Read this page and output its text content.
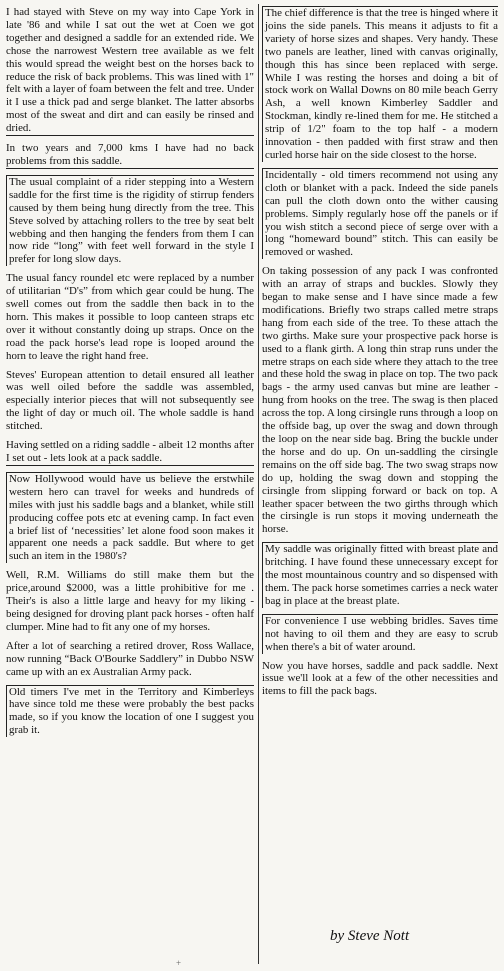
I had stayed with Steve on my way into Cape York in late '86 and while I sat out the wet at Coen we got together and designed a saddle for an extended ride. We chose the narrowest Western tree available as we felt this would spread the weight best on the horses back to reduce the risk of back problems. This was lined with 1" felt with a layer of foam between the felt and tree. Under it I use a thick pad and serge blanket. The latter absorbs most of the sweat and dirt and can easily be rinsed and dried.

In two years and 7,000 kms I have had no back problems from this saddle.

The usual complaint of a rider stepping into a Western saddle for the first time is the rigidity of stirrup fenders caused by them being hung directly from the tree. This Steve solved by attaching rollers to the tree by seat belt webbing and then hanging the fenders from them I can now ride “long” with feet well forward in the style I prefer for long slow days.

The usual fancy roundel etc were replaced by a number of utilitarian “D's” from which gear could be hung. The swell comes out from the saddle then back in to the horn. This makes it possible to loop canteen straps etc over it without constantly doing up straps. Once on the road the pack horse's lead rope is looped around the horn to leave the right hand free.

Steves' European attention to detail ensured all leather was well oiled before the saddle was assembled, especially interior pieces that will not subsequently see the light of day or much oil. The whole saddle is hand stitched.

Having settled on a riding saddle - albeit 12 months after I set out - lets look at a pack saddle.

Now Hollywood would have us believe the erstwhile western hero can travel for weeks and hundreds of miles with just his saddle bags and a blanket, while still producing coffee pots etc at evening camp. In fact even a brief list of ‘necessities’ let alone food soon makes it apparent one needs a pack saddle. But where to get such an item in the 1980's?

Well, R.M. Williams do still make them but the price,around $2000, was a little prohibitive for me . Their's is also a little large and heavy for my liking - being designed for droving plant pack horses - often half clumper. Mine had to fit any one of my horses.

After a lot of searching a retired drover, Ross Wallace, now running “Back O'Bourke Saddlery” in Dubbo NSW came up with an ex Australian Army pack.

Old timers I've met in the Territory and Kimberleys have since told me these were probably the best packs made, so if you know the location of one I suggest you grab it.

The chief difference is that the tree is hinged where it joins the side panels. This means it adjusts to fit a variety of horse sizes and shapes. Very handy. These two panels are leather, lined with canvas originally, though this has since been replaced with serge. While I was resting the horses and doing a bit of stock work on Wallal Downs on 80 mile beach Gerry Ash, a well known Kimberley Saddler and Stockman, kindly re-lined them for me. He stitched a strip of 1/2" foam to the top half - a modern innovation - then padded with first straw and then curled horse hair on the side closest to the horse.

Incidentally - old timers recommend not using any cloth or blanket with a pack. Indeed the side panels can pull the cloth down onto the wither causing problems. Simply regularly hose off the panels or if you wish stitch a second piece of serge over with a long “homeward bound” stitch. This can easily be removed or washed.

On taking possession of any pack I was confronted with an array of straps and buckles. Slowly they began to make sense and I have since made a few modifications. Briefly two straps called metre straps hang from each side of the tree. To these attach the two girths. Make sure your prospective pack horse is used to a flank girth. A long thin strap runs under the metre straps on each side where they attach to the tree and these hold the swag in place on top. The two pack bags - the army used canvas but mine are leather - hung from hooks on the tree. The swag is then placed across the top. A long cirsingle runs through a loop on the offside bag, up over the swag and down through the loop on the near side bag. Bring the buckle under the horse and do up. On un-saddling the cirsingle remains on the off side bag. The two swag straps now do up, holding the swag down and stopping the cirsingle from slipping forward or back on top. A leather spacer between the two girths through which the cirsingle is run stops it moving underneath the horse.

My saddle was originally fitted with breast plate and britching. I have found these unnecessary except for the most mountainous country and so dispensed with them. The pack horse sometimes carries a neck water bag in place at the breast plate.

For convenience I use webbing bridles. Saves time not having to oil them and they are easy to scrub when there's a bit of water around.

Now you have horses, saddle and pack saddle. Next issue we'll look at a few of the other necessities and items to fill the pack bags.

by Steve Nott
+
